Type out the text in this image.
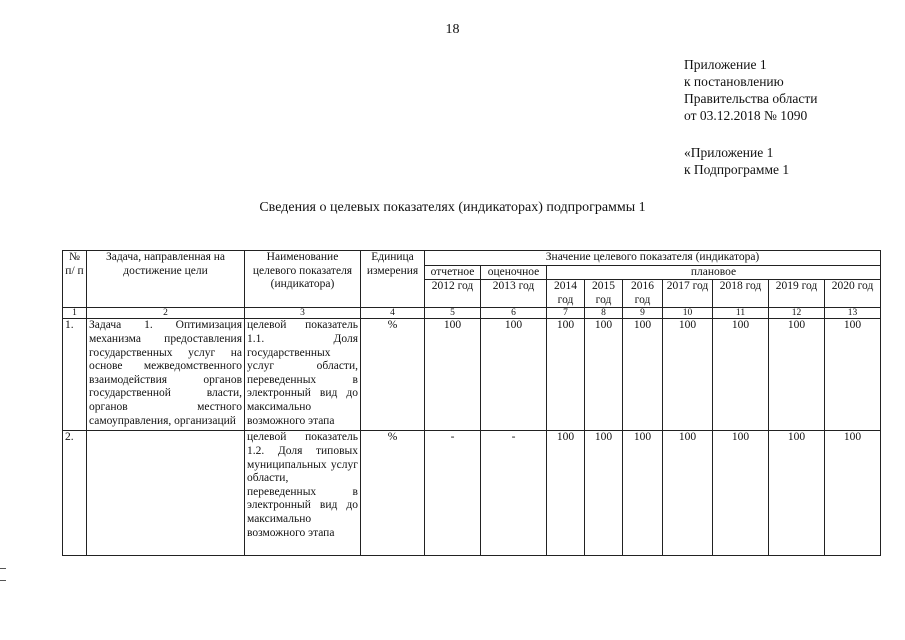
18
Приложение 1
к постановлению
Правительства области
от 03.12.2018 № 1090
«Приложение 1
к Подпрограмме 1
Сведения о целевых показателях (индикаторах) подпрограммы 1
№ п/ п	Задача, направленная на достижение цели	Наименование целевого показателя (индикатора)	Единица измерения	Значение целевого показателя (индикатора)								
				отчетное	оценочное	плановое						
				2012 год	2013 год	2014 год	2015 год	2016 год	2017 год	2018 год	2019 год	2020 год
1	2	3	4	5	6	7	8	9	10	11	12	13
1.	Задача 1. Оптимизация механизма предоставления государственных услуг на основе межведомственного взаимодействия органов государственной власти, органов местного самоуправления, организаций	целевой показатель 1.1. Доля государственных услуг области, переведенных в электронный вид до максимально возможного этапа	%	100	100	100	100	100	100	100	100	100
2.		целевой показатель 1.2. Доля типовых муниципальных услуг области, переведенных в электронный вид до максимально возможного этапа	%	-	-	100	100	100	100	100	100	100
